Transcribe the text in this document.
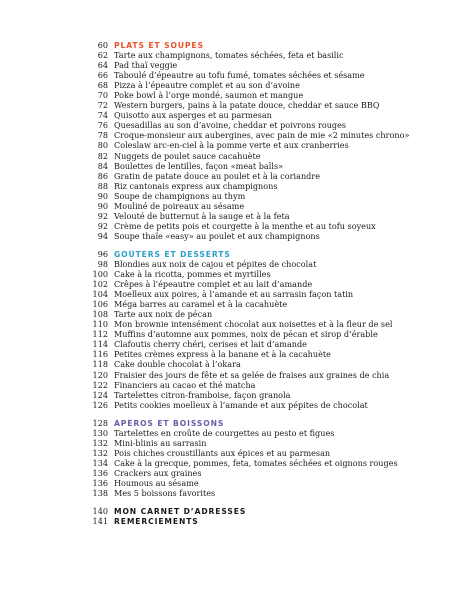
60 PLATS ET SOUPES
62 Tarte aux champignons, tomates séchées, feta et basilic
64 Pad thaï veggie
66 Taboulé d’épeautre au tofu fumé, tomates séchées et sésame
68 Pizza à l’épeautre complet et au son d’avoine
70 Poke bowl à l’orge mondé, saumon et mangue
72 Western burgers, pains à la patate douce, cheddar et sauce BBQ
74 Quisotto aux asperges et au parmesan
76 Quesadillas au son d’avoine, cheddar et poivrons rouges
78 Croque-monsieur aux aubergines, avec pain de mie «2 minutes chrono»
80 Coleslaw arc-en-ciel à la pomme verte et aux cranberries
82 Nuggets de poulet sauce cacahuète
84 Boulettes de lentilles, façon «meat balls»
86 Gratin de patate douce au poulet et à la coriandre
88 Riz cantonais express aux champignons
90 Soupe de champignons au thym
90 Mouliné de poireaux au sésame
92 Velouté de butternut à la sauge et à la feta
92 Crème de petits pois et courgette à la menthe et au tofu soyeux
94 Soupe thaïe «easy» au poulet et aux champignons
96 GOÛTERS ET DESSERTS
98 Blondies aux noix de cajou et pépites de chocolat
100 Cake à la ricotta, pommes et myrtilles
102 Crêpes à l’épeautre complet et au lait d’amande
104 Moelleux aux poires, à l’amande et au sarrasin façon tatin
106 Méga barres au caramel et à la cacahuète
108 Tarte aux noix de pécan
110 Mon brownie intensément chocolat aux noisettes et à la fleur de sel
112 Muffins d’automne aux pommes, noix de pécan et sirop d’érable
114 Clafoutis cherry chéri, cerises et lait d’amande
116 Petites crèmes express à la banane et à la cacahuète
118 Cake double chocolat à l’okara
120 Fraisier des jours de fête et sa gelée de fraises aux graines de chia
122 Financiers au cacao et thé matcha
124 Tartelettes citron-framboise, façon granola
126 Petits cookies moelleux à l’amande et aux pépites de chocolat
128 APÉROS ET BOISSONS
130 Tartelettes en croûte de courgettes au pesto et figues
132 Mini-blinis au sarrasin
132 Pois chiches croustillants aux épices et au parmesan
134 Cake à la grecque, pommes, feta, tomates séchées et oignons rouges
136 Crackers aux graines
136 Houmous au sésame
138 Mes 5 boissons favorites
140 MON CARNET D’ADRESSES
141 REMERCIEMENTS
